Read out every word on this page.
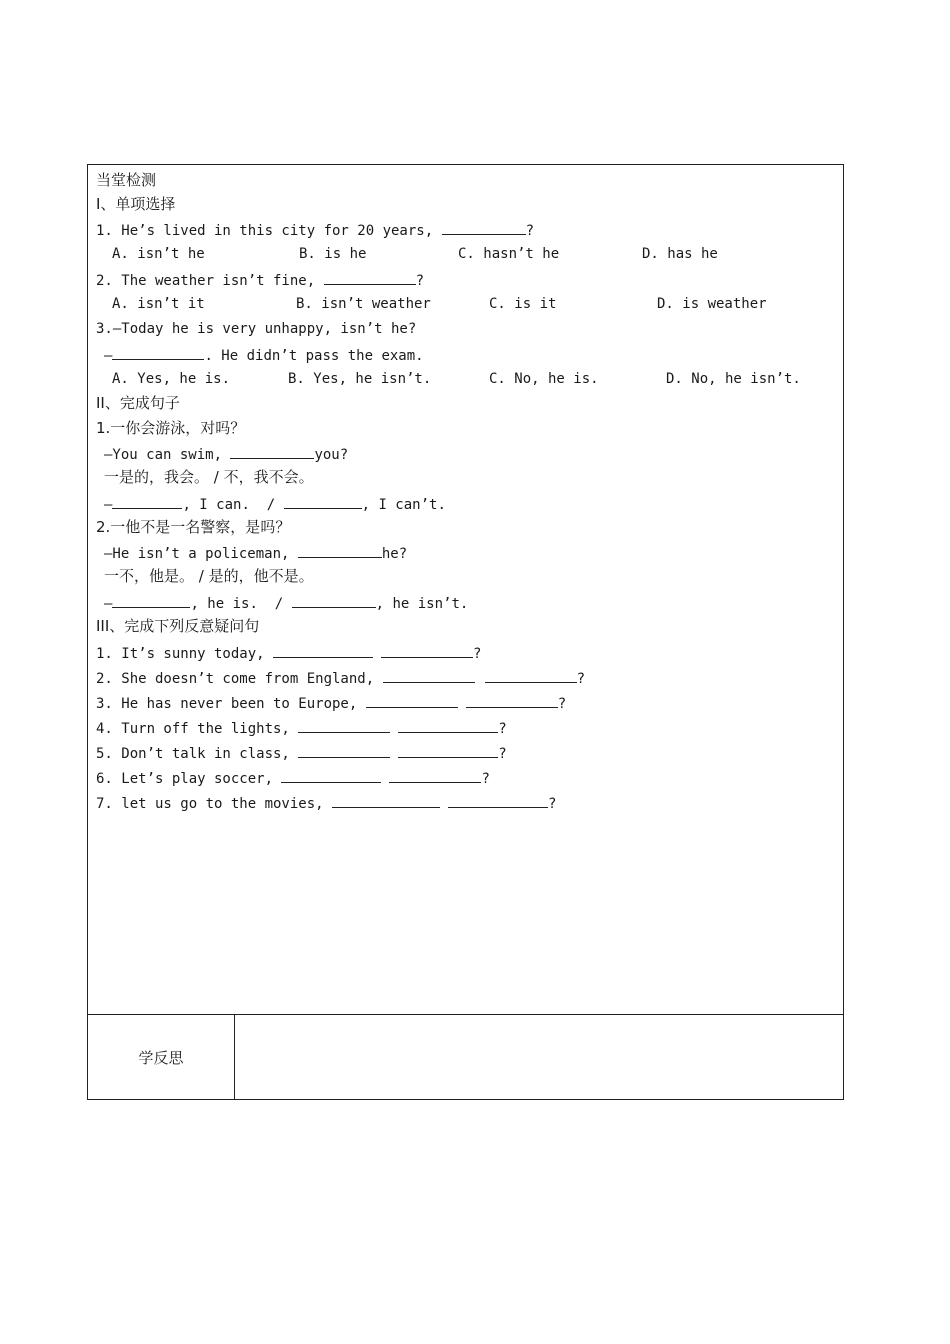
当堂检测
I、单项选择
1. He’s lived in this city for 20 years,	?
A. isn’t he	B. is he	C. hasn’t he	D. has he
2. The weather isn’t fine,	?
A. isn’t it	B. isn’t weather	C. is it	D. is weather
3.—Today he is very unhappy, isn’t he?
—	. He didn’t pass the exam.
A. Yes, he is.	B. Yes, he isn’t.	C. No, he is.	D. No, he isn’t.
II、完成句子
1.一你会游泳，对吗？
—You can swim,	you?
一是的，我会。 / 不，我不会。
—	, I can.  /	, I can’t.
2.一他不是一名警察，是吗？
—He isn’t a policeman,	he?
一不，他是。 / 是的，他不是。
—	, he is.  /	, he isn’t.
III、完成下列反意疑问句
1. It’s sunny today,	?
2. She doesn’t come from England,	?
3. He has never been to Europe,	?
4. Turn off the lights,	?
5. Don’t talk in class,	?
6. Let’s play soccer,	?
7. let us go to the movies,	?
学反思
